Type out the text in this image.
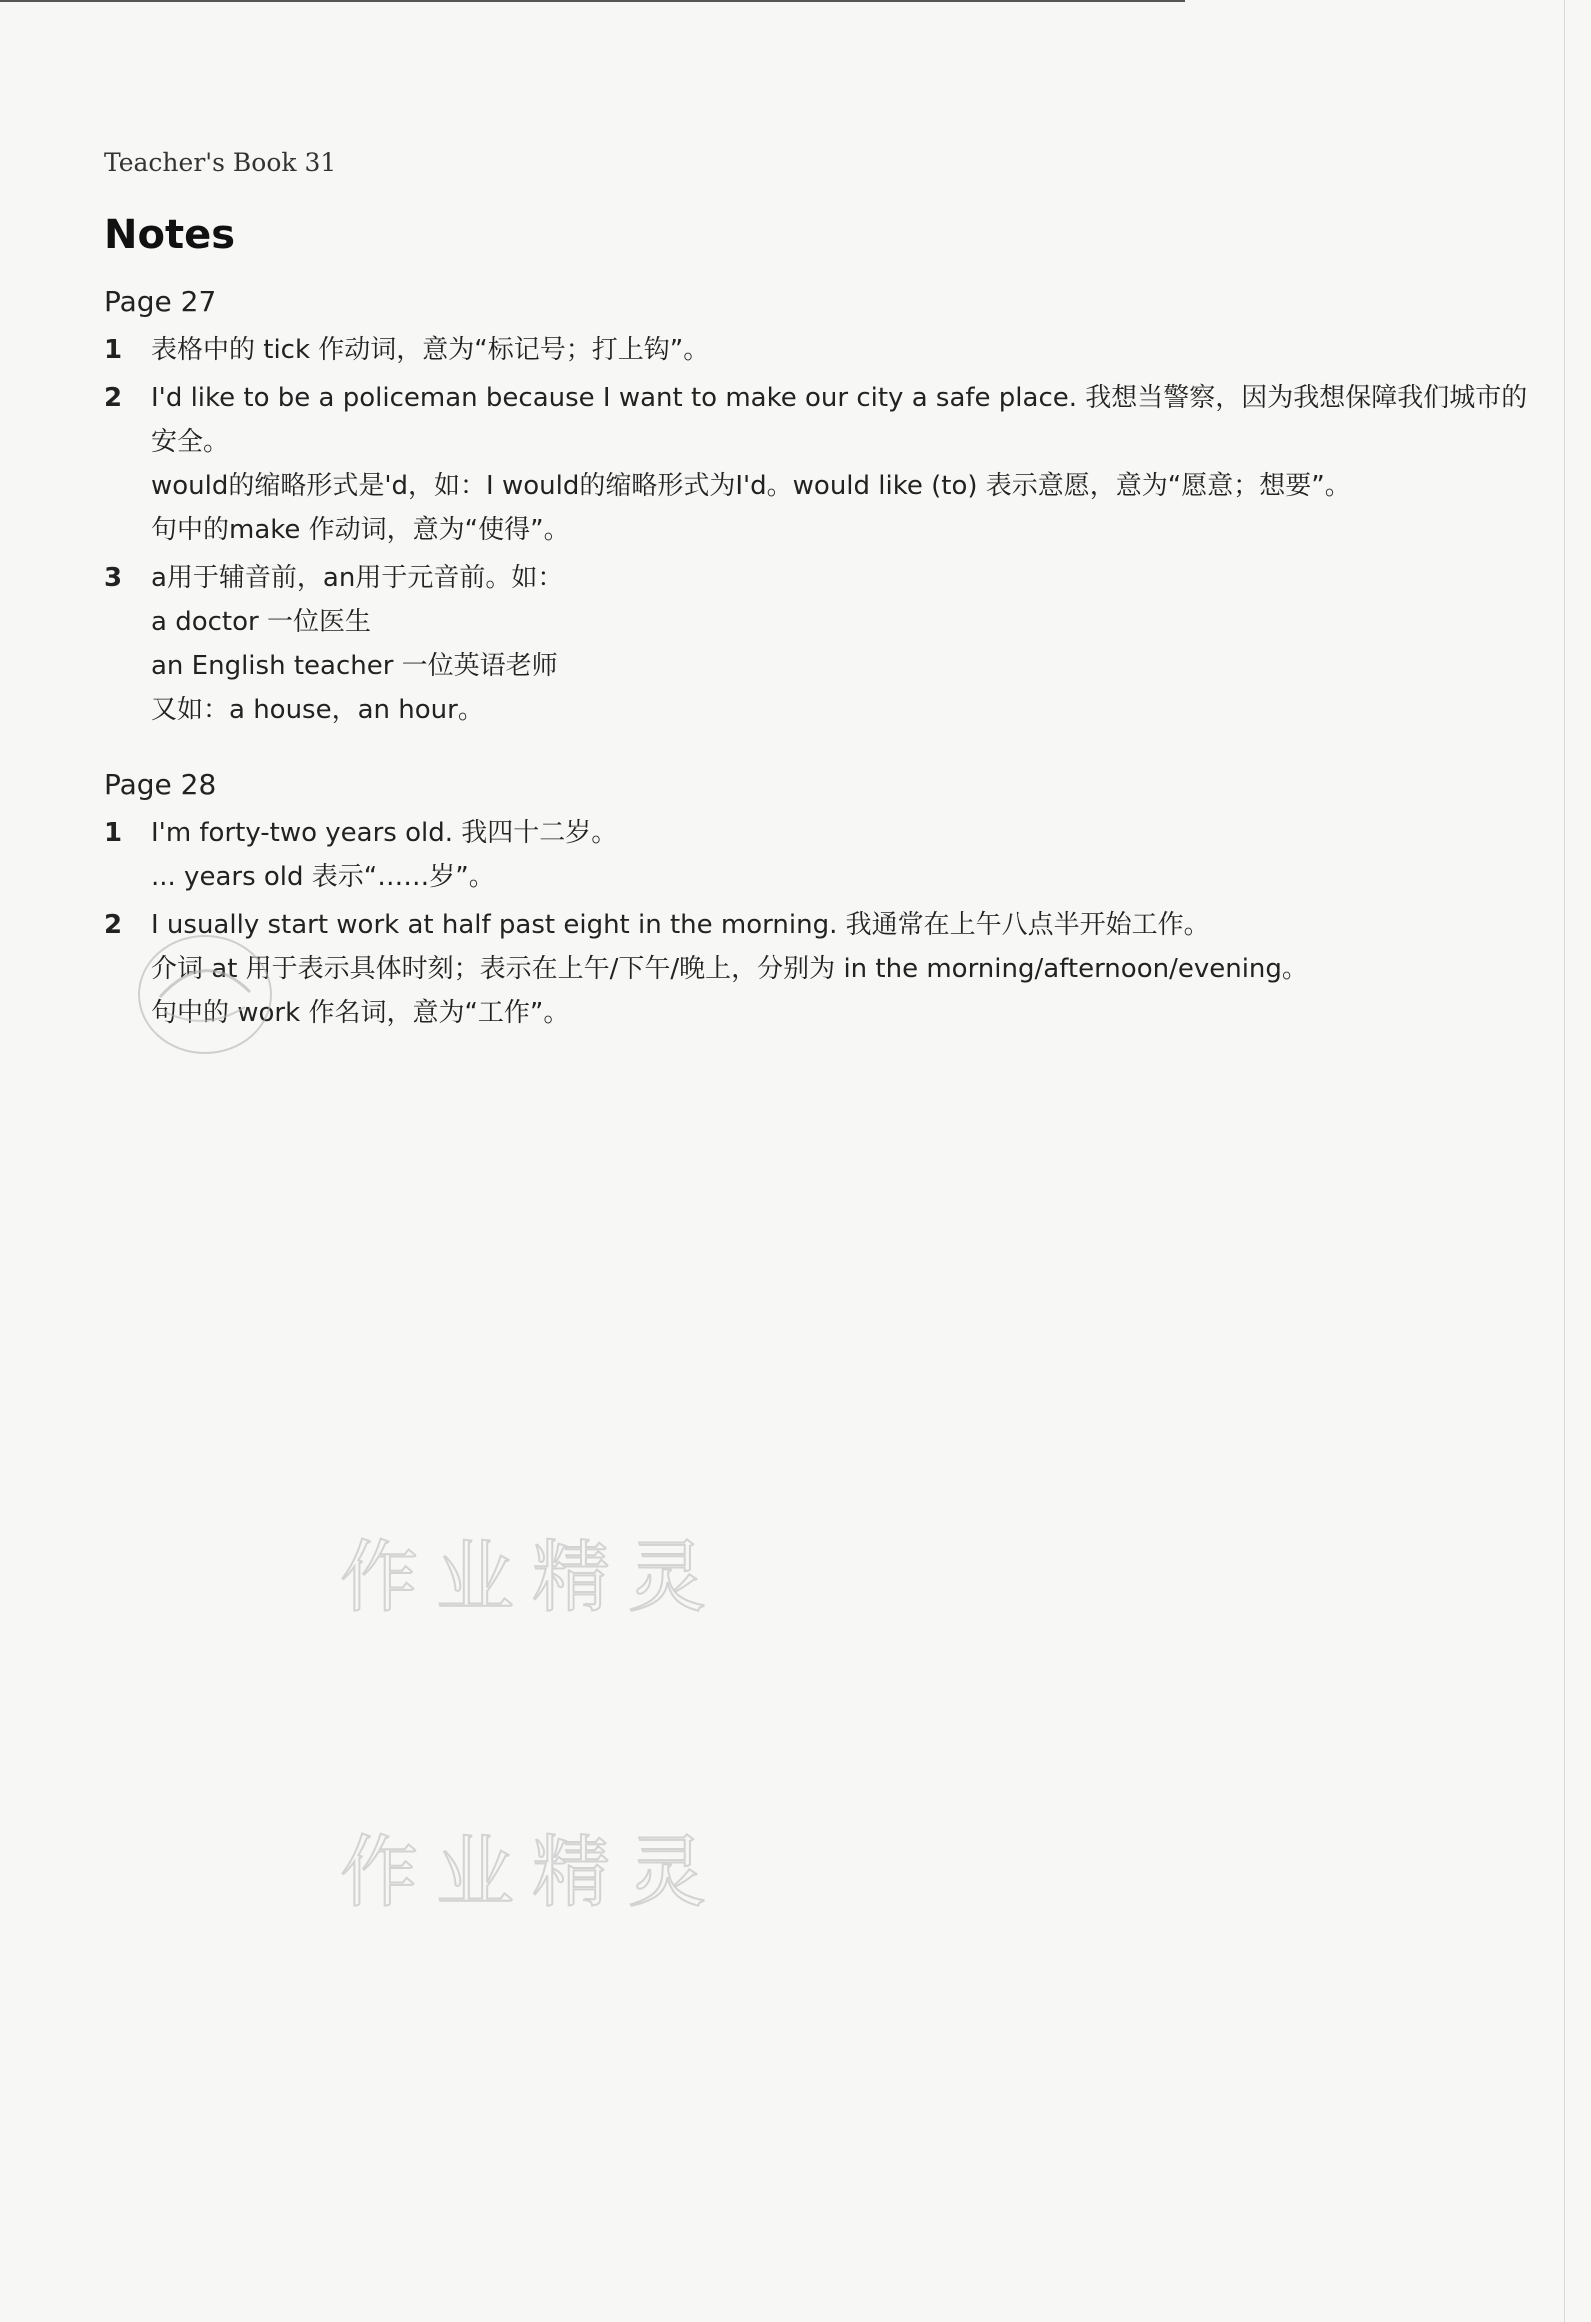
Teacher's Book 31
Notes
Page 27
1 表格中的 tick 作动词，意为“标记号；打上钩”。
2 I'd like to be a policeman because I want to make our city a safe place. 我想当警察，因为我想保障我们城市的安全。
would的缩略形式是'd，如：I would的缩略形式为I'd。would like (to) 表示意愿，意为“愿意；想要”。
句中的make 作动词，意为“使得”。
3 a用于辅音前，an用于元音前。如：
a doctor 一位医生
an English teacher 一位英语老师
又如：a house，an hour。
Page 28
1 I'm forty-two years old. 我四十二岁。
... years old 表示“……岁”。
2 I usually start work at half past eight in the morning. 我通常在上午八点半开始工作。
介词 at 用于表示具体时刻；表示在上午/下午/晚上，分别为 in the morning/afternoon/evening。
句中的 work 作名词，意为“工作”。
作业精灵
作业精灵
